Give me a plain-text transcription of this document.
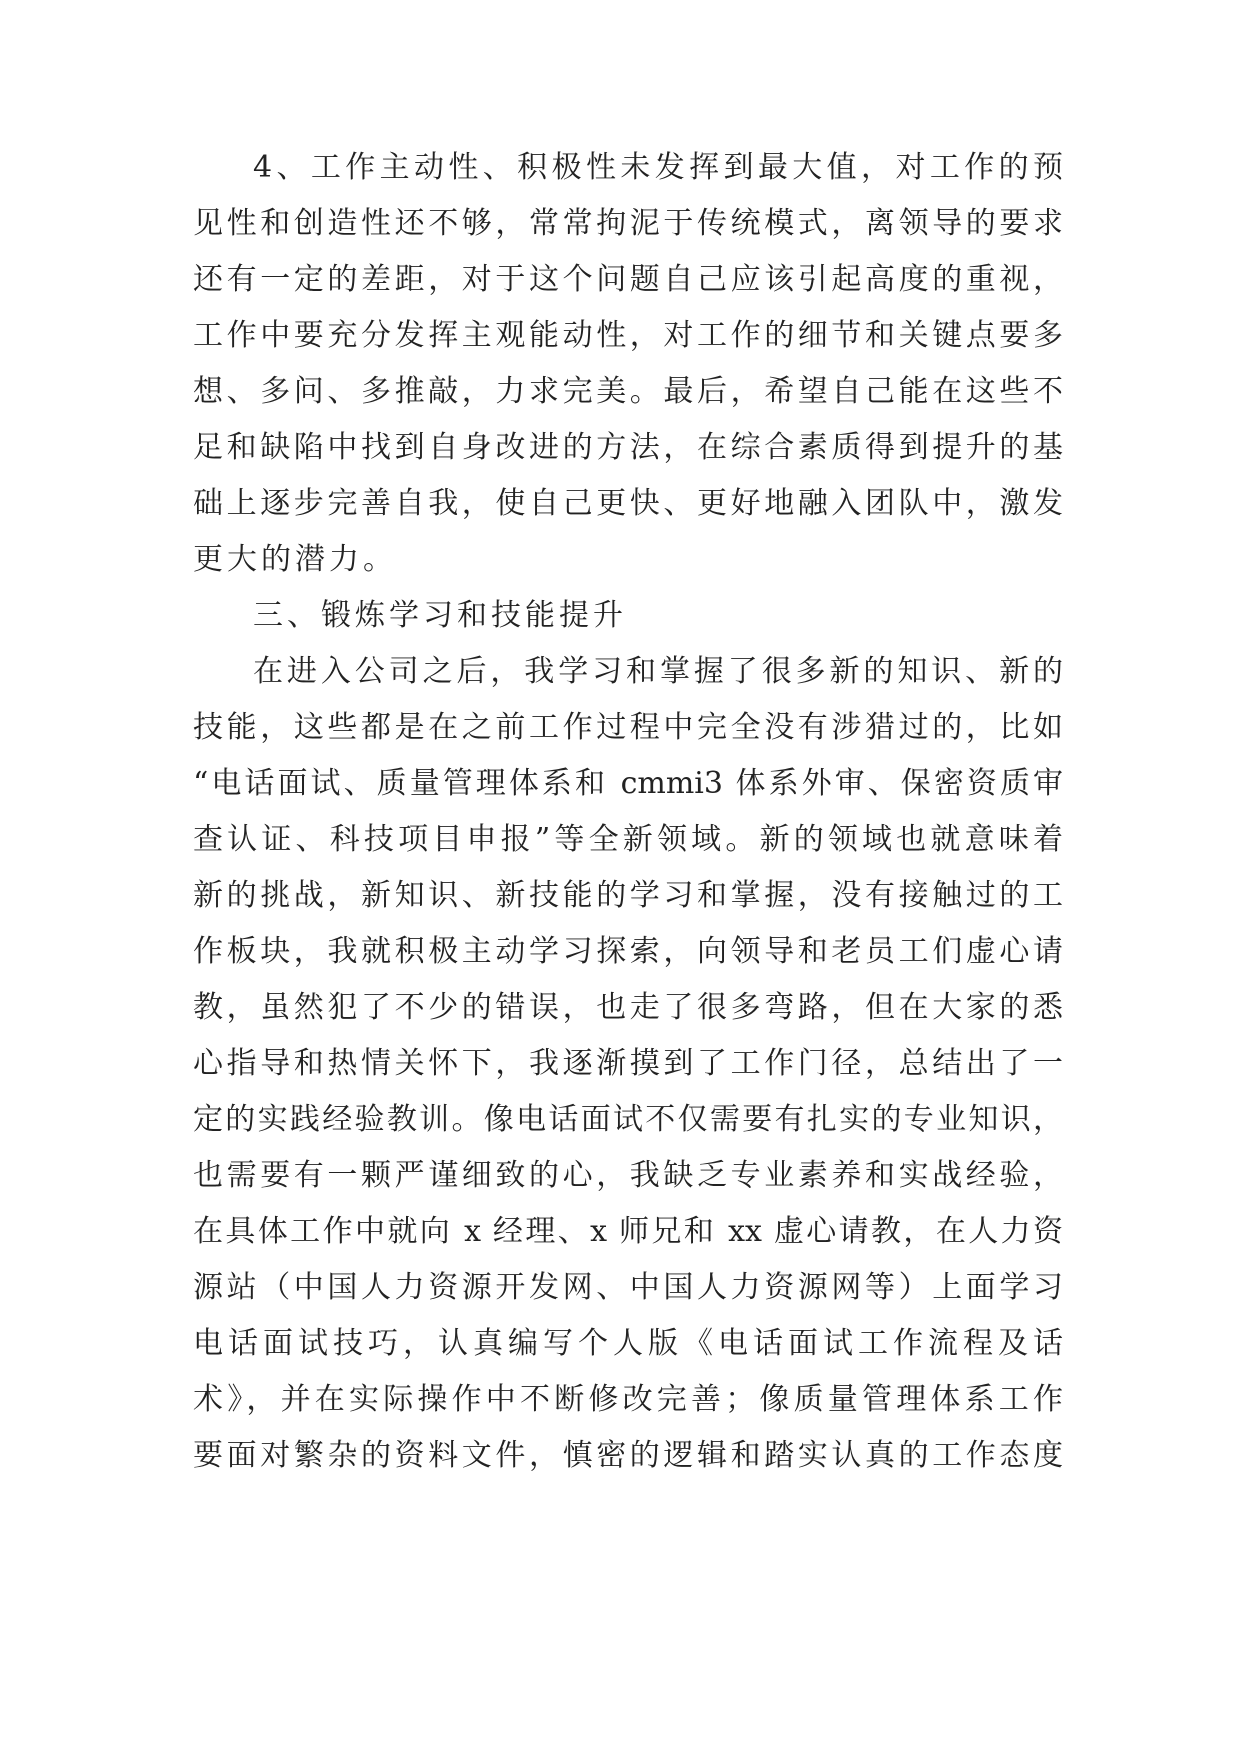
4、工作主动性、积极性未发挥到最大值，对工作的预
见性和创造性还不够，常常拘泥于传统模式，离领导的要求
还有一定的差距，对于这个问题自己应该引起高度的重视，
工作中要充分发挥主观能动性，对工作的细节和关键点要多
想、多问、多推敲，力求完美。最后，希望自己能在这些不
足和缺陷中找到自身改进的方法，在综合素质得到提升的基
础上逐步完善自我，使自己更快、更好地融入团队中，激发
更大的潜力。
三、锻炼学习和技能提升
在进入公司之后，我学习和掌握了很多新的知识、新的
技能，这些都是在之前工作过程中完全没有涉猎过的，比如
“电话面试、质量管理体系和 cmmi3 体系外审、保密资质审
查认证、科技项目申报”等全新领域。新的领域也就意味着
新的挑战，新知识、新技能的学习和掌握，没有接触过的工
作板块，我就积极主动学习探索，向领导和老员工们虚心请
教，虽然犯了不少的错误，也走了很多弯路，但在大家的悉
心指导和热情关怀下，我逐渐摸到了工作门径，总结出了一
定的实践经验教训。像电话面试不仅需要有扎实的专业知识，
也需要有一颗严谨细致的心，我缺乏专业素养和实战经验，
在具体工作中就向 x 经理、x 师兄和 xx 虚心请教，在人力资
源站（中国人力资源开发网、中国人力资源网等）上面学习
电话面试技巧，认真编写个人版《电话面试工作流程及话
术》，并在实际操作中不断修改完善；像质量管理体系工作
要面对繁杂的资料文件，慎密的逻辑和踏实认真的工作态度
